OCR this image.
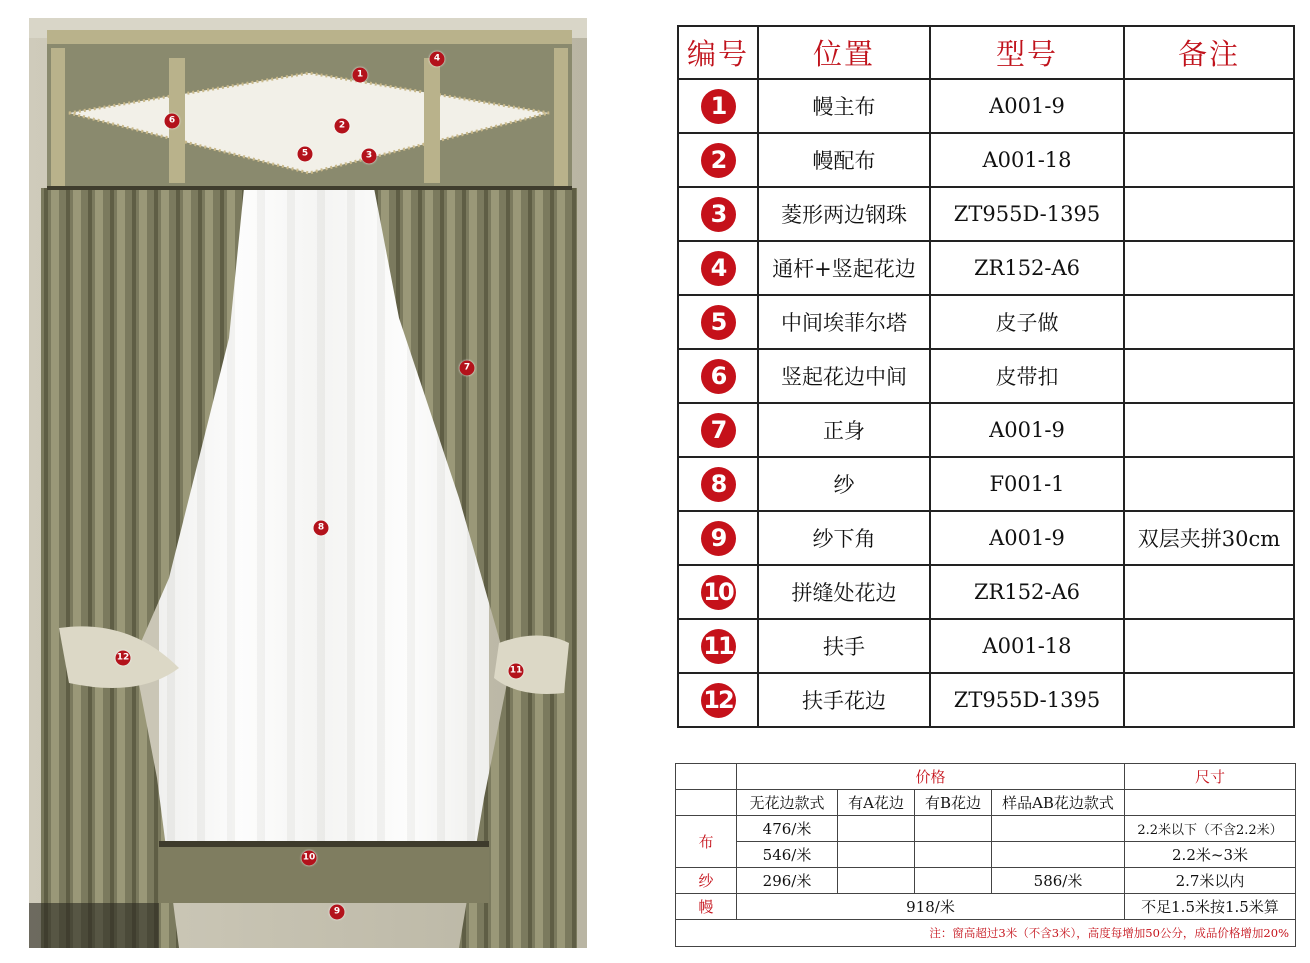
1
2
3
4
5
6
7
8
9
10
11
12
编号	位置	型号	备注
1	幔主布	A001-9	
2	幔配布	A001-18	
3	菱形两边钢珠	ZT955D-1395	
4	通杆+竖起花边	ZR152-A6	
5	中间埃菲尔塔	皮子做	
6	竖起花边中间	皮带扣	
7	正身	A001-9	
8	纱	F001-1	
9	纱下角	A001-9	双层夹拼30cm
10	拼缝处花边	ZR152-A6	
11	扶手	A001-18	
12	扶手花边	ZT955D-1395	
	价格				尺寸
	无花边款式	有A花边	有B花边	样品AB花边款式	
布	476/米				2.2米以下（不含2.2米）
	546/米				2.2米~3米
纱	296/米			586/米	2.7米以内
幔	918/米				不足1.5米按1.5米算
注：窗高超过3米（不含3米），高度每增加50公分，成品价格增加20%					
